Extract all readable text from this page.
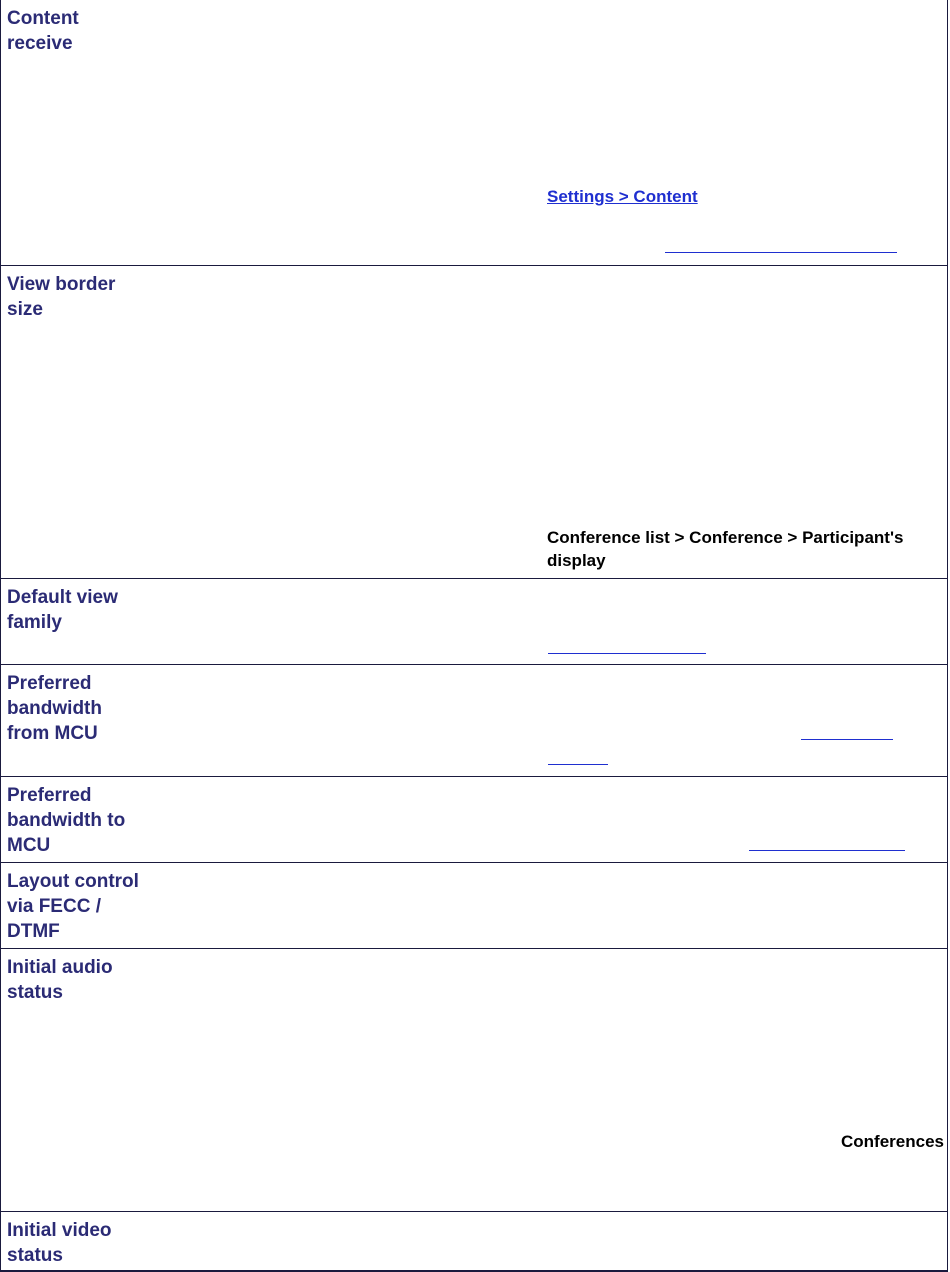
Content receive
Settings > Content
View border size
Conference list > Conference > Participant's display
Default view family
Preferred bandwidth from MCU
Preferred bandwidth to MCU
Layout control via FECC / DTMF
Initial audio status
Conferences
Initial video status
